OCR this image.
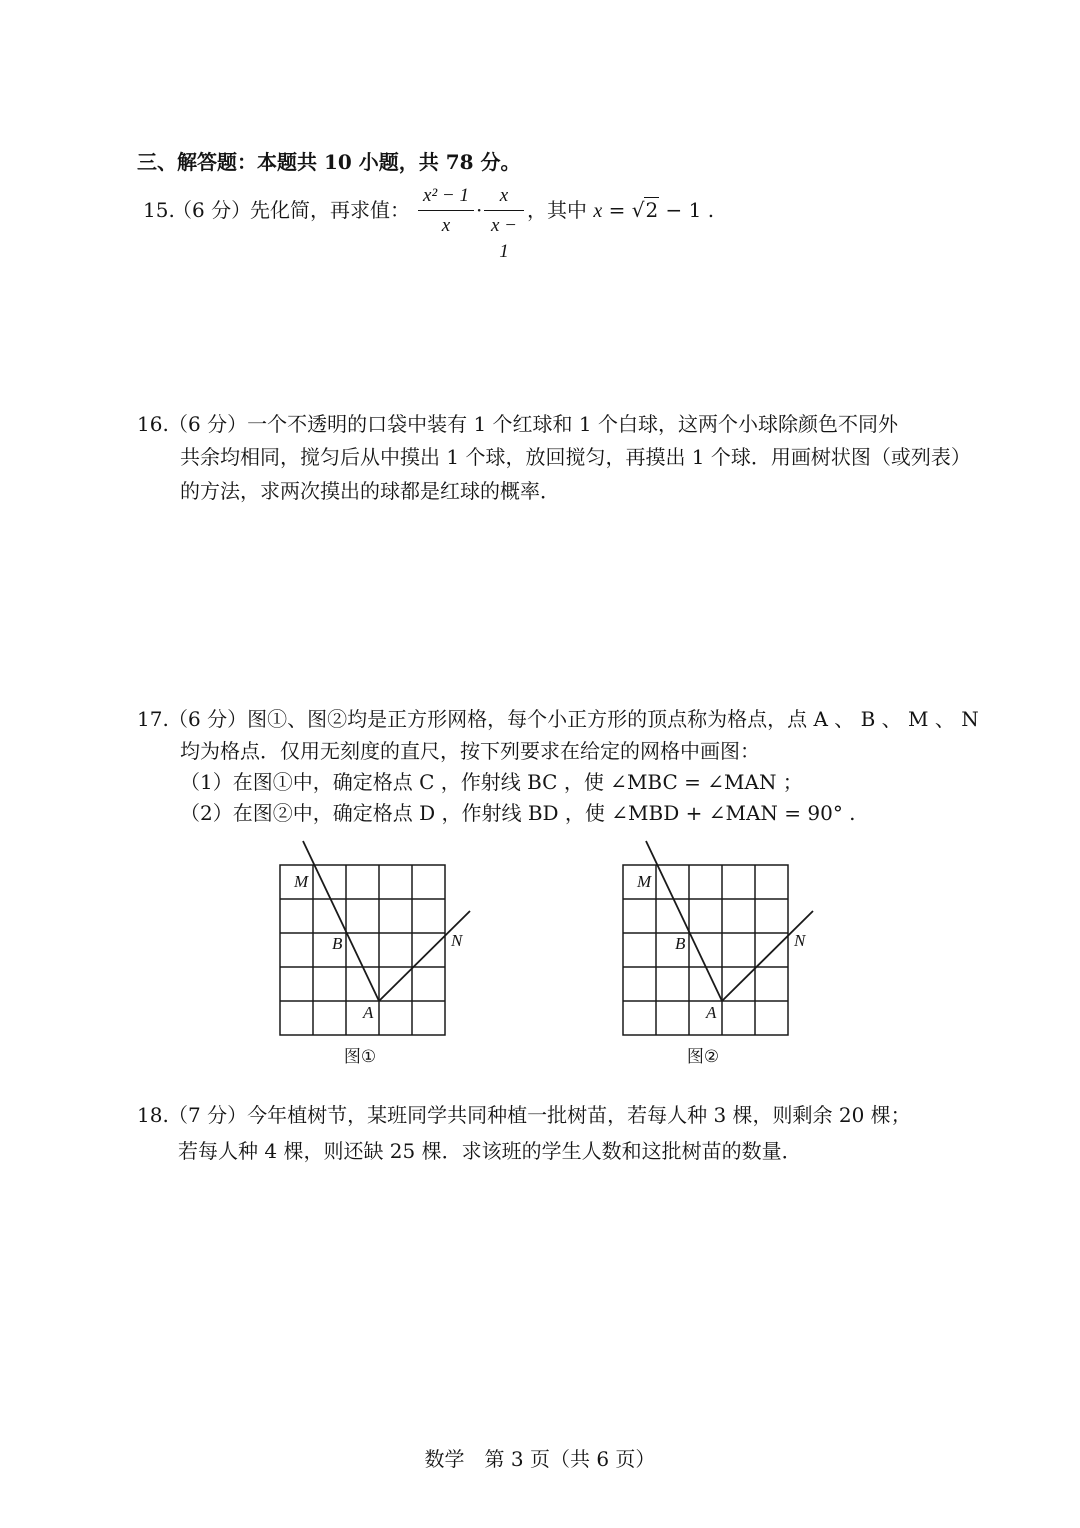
三、解答题：本题共 10 小题，共 78 分。
15.
（6 分）
先化简，再求值： $\frac{\text{x² − 1}}{x} \cdot \frac{x}{x - 1}$ ，其中 x = √2 − 1 .
16. （6 分）一个不透明的口袋中装有 1 个红球和 1 个白球，这两个小球除颜色不同外
共余均相同，搅匀后从中摸出 1 个球，放回搅匀，再摸出 1 个球．用画树状图（或列表）
的方法，求两次摸出的球都是红球的概率．
17. （6 分）图①、图②均是正方形网格，每个小正方形的顶点称为格点，点 A 、 B 、 M 、 N
均为格点．仅用无刻度的直尺，按下列要求在给定的网格中画图：
（1）在图①中，确定格点 C ，作射线 BC ，使 ∠MBC = ∠MAN ；
（2）在图②中，确定格点 D ，作射线 BD ，使 ∠MBD + ∠MAN = 90° .
M
B	N
A
图①
M
B	N
A
图②
18. （7 分）今年植树节，某班同学共同种植一批树苗，若每人种 3 棵，则剩余 20 棵；
若每人种 4 棵，则还缺 25 棵．求该班的学生人数和这批树苗的数量．
数学　第 3 页（共 6 页）
